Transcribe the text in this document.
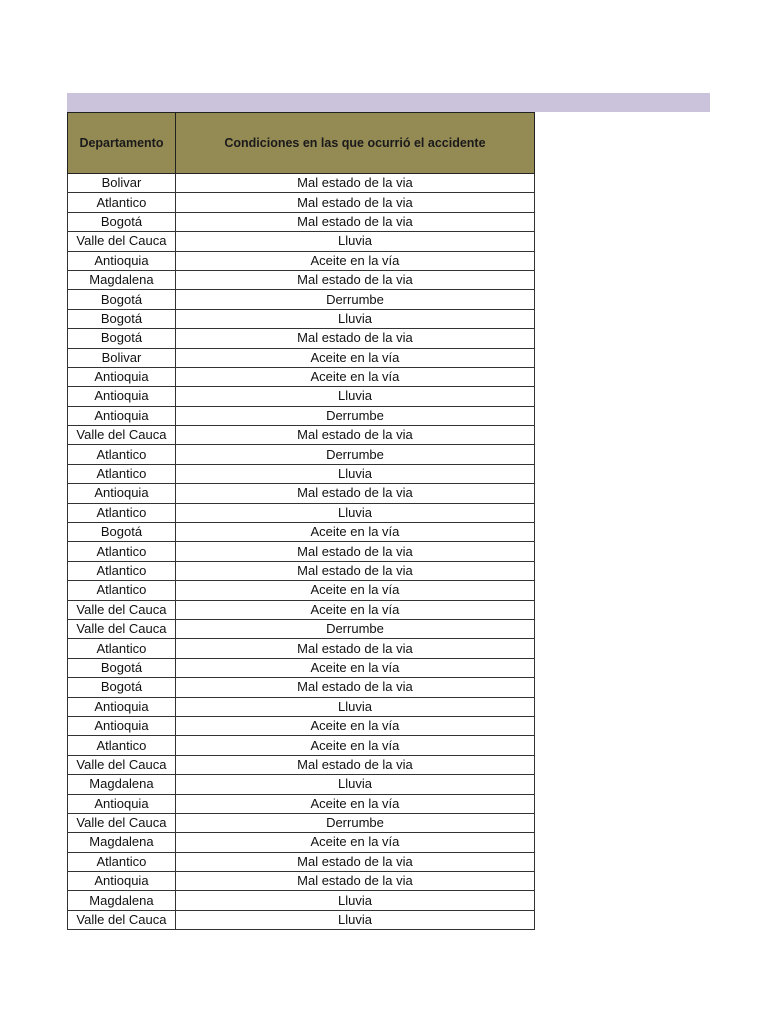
Departamento	Condiciones en las que ocurrió el accidente
Bolivar	Mal estado de la via
Atlantico	Mal estado de la via
Bogotá	Mal estado de la via
Valle del Cauca	Lluvia
Antioquia	Aceite en la vía
Magdalena	Mal estado de la via
Bogotá	Derrumbe
Bogotá	Lluvia
Bogotá	Mal estado de la via
Bolivar	Aceite en la vía
Antioquia	Aceite en la vía
Antioquia	Lluvia
Antioquia	Derrumbe
Valle del Cauca	Mal estado de la via
Atlantico	Derrumbe
Atlantico	Lluvia
Antioquia	Mal estado de la via
Atlantico	Lluvia
Bogotá	Aceite en la vía
Atlantico	Mal estado de la via
Atlantico	Mal estado de la via
Atlantico	Aceite en la vía
Valle del Cauca	Aceite en la vía
Valle del Cauca	Derrumbe
Atlantico	Mal estado de la via
Bogotá	Aceite en la vía
Bogotá	Mal estado de la via
Antioquia	Lluvia
Antioquia	Aceite en la vía
Atlantico	Aceite en la vía
Valle del Cauca	Mal estado de la via
Magdalena	Lluvia
Antioquia	Aceite en la vía
Valle del Cauca	Derrumbe
Magdalena	Aceite en la vía
Atlantico	Mal estado de la via
Antioquia	Mal estado de la via
Magdalena	Lluvia
Valle del Cauca	Lluvia
